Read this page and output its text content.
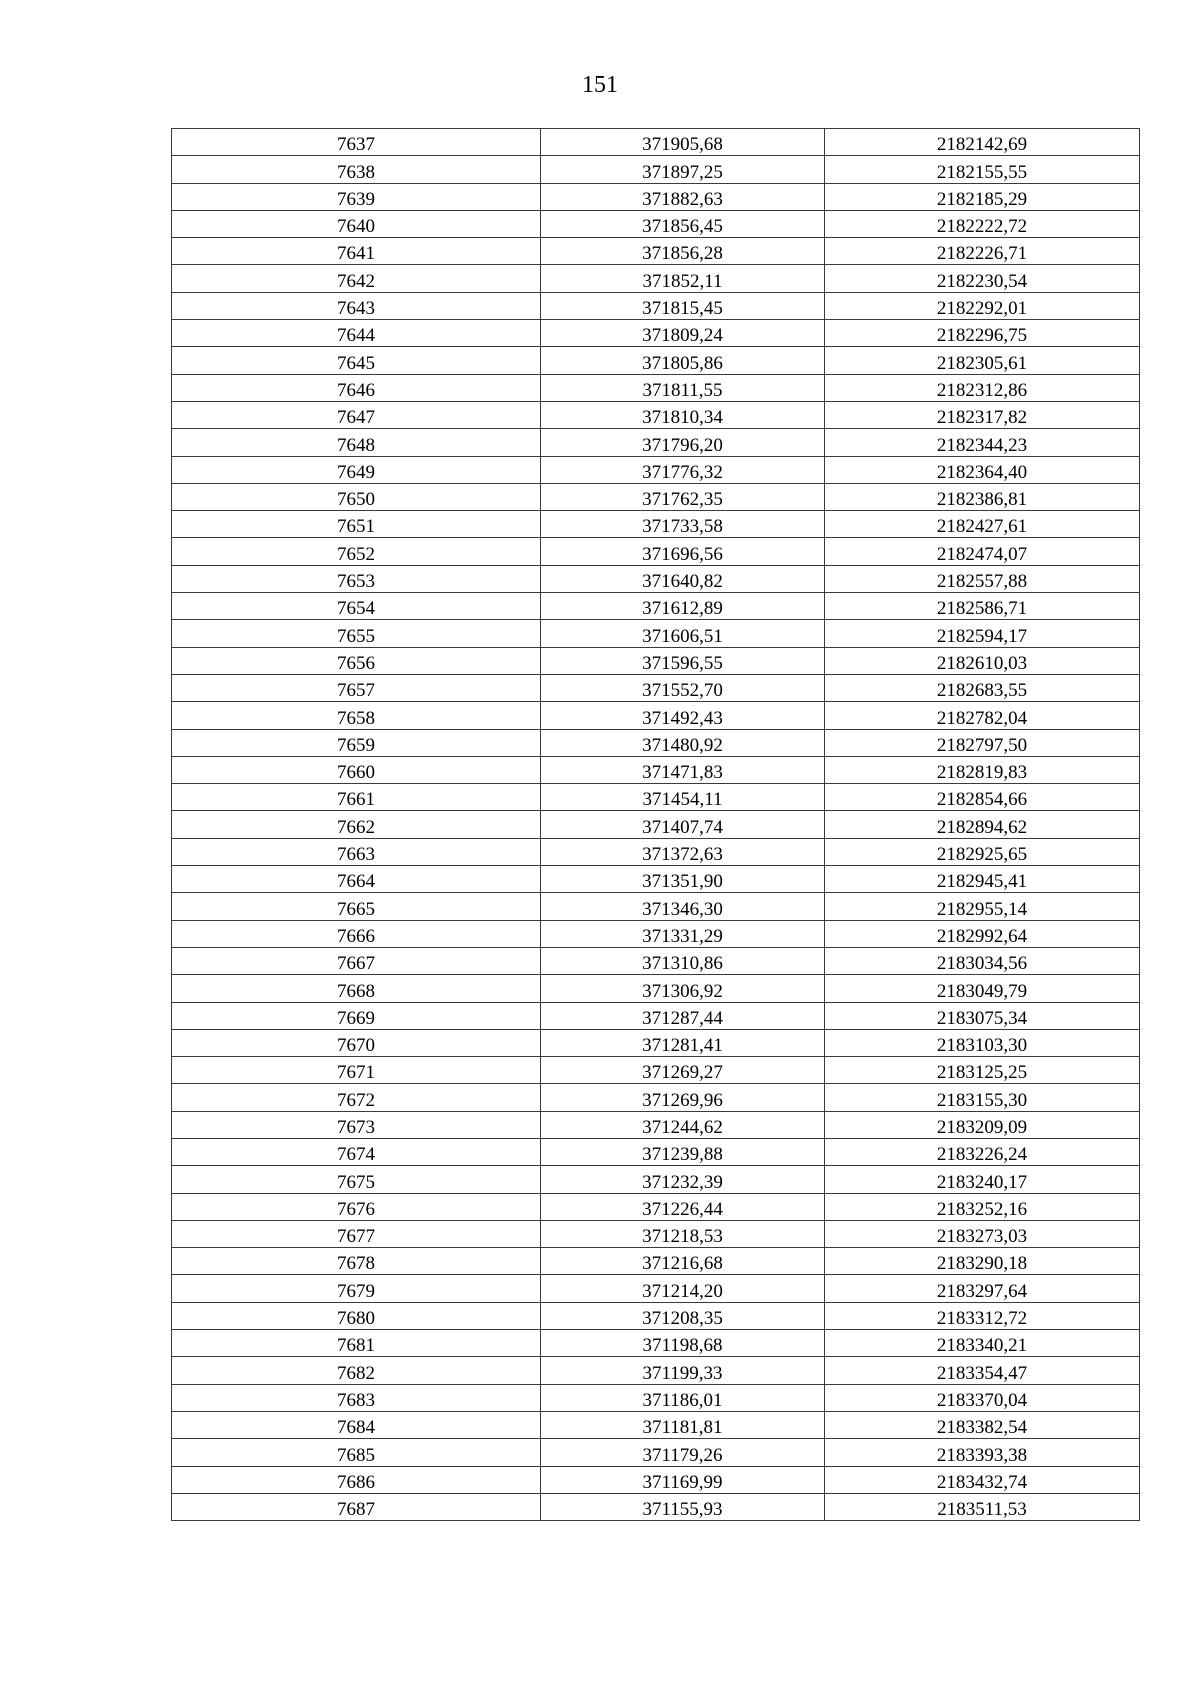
151
7637	371905,68	2182142,69
7638	371897,25	2182155,55
7639	371882,63	2182185,29
7640	371856,45	2182222,72
7641	371856,28	2182226,71
7642	371852,11	2182230,54
7643	371815,45	2182292,01
7644	371809,24	2182296,75
7645	371805,86	2182305,61
7646	371811,55	2182312,86
7647	371810,34	2182317,82
7648	371796,20	2182344,23
7649	371776,32	2182364,40
7650	371762,35	2182386,81
7651	371733,58	2182427,61
7652	371696,56	2182474,07
7653	371640,82	2182557,88
7654	371612,89	2182586,71
7655	371606,51	2182594,17
7656	371596,55	2182610,03
7657	371552,70	2182683,55
7658	371492,43	2182782,04
7659	371480,92	2182797,50
7660	371471,83	2182819,83
7661	371454,11	2182854,66
7662	371407,74	2182894,62
7663	371372,63	2182925,65
7664	371351,90	2182945,41
7665	371346,30	2182955,14
7666	371331,29	2182992,64
7667	371310,86	2183034,56
7668	371306,92	2183049,79
7669	371287,44	2183075,34
7670	371281,41	2183103,30
7671	371269,27	2183125,25
7672	371269,96	2183155,30
7673	371244,62	2183209,09
7674	371239,88	2183226,24
7675	371232,39	2183240,17
7676	371226,44	2183252,16
7677	371218,53	2183273,03
7678	371216,68	2183290,18
7679	371214,20	2183297,64
7680	371208,35	2183312,72
7681	371198,68	2183340,21
7682	371199,33	2183354,47
7683	371186,01	2183370,04
7684	371181,81	2183382,54
7685	371179,26	2183393,38
7686	371169,99	2183432,74
7687	371155,93	2183511,53
